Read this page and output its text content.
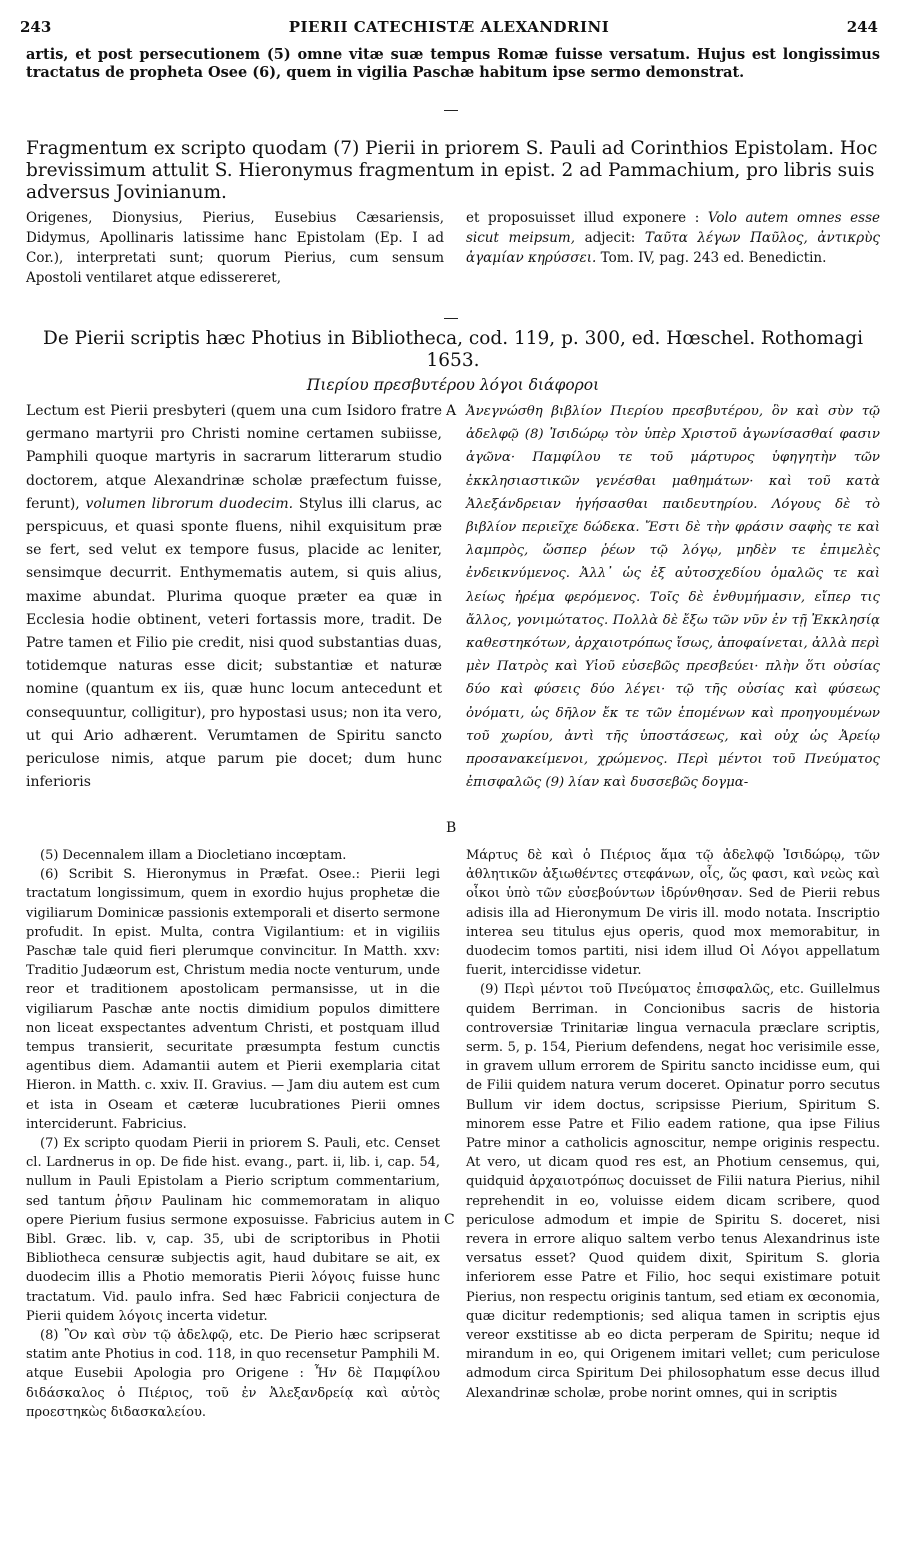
243	PIERII CATECHISTÆ ALEXANDRINI	244
artis, et post persecutionem (5) omne vitæ suæ tempus Romæ fuisse versatum. Hujus est longissimus tractatus de propheta Osee (6), quem in vigilia Paschæ habitum ipse sermo demonstrat.
Fragmentum ex scripto quodam (7) Pierii in priorem S. Pauli ad Corinthios Epistolam. Hoc brevissimum attulit S. Hieronymus fragmentum in epist. 2 ad Pammachium, pro libris suis adversus Jovinianum.
Origenes, Dionysius, Pierius, Eusebius Cæsariensis, Didymus, Apollinaris latissime hanc Epistolam (Ep. I ad Cor.), interpretati sunt; quorum Pierius, cum sensum Apostoli ventilaret atque edissereret,
et proposuisset illud exponere : Volo autem omnes esse sicut meipsum, adjecit: Ταῦτα λέγων Παῦλος, ἀντικρὺς ἀγαμίαν κηρύσσει. Tom. IV, pag. 243 ed. Benedictin.
De Pierii scriptis hæc Photius in Bibliotheca, cod. 119, p. 300, ed. Hœschel. Rothomagi 1653.
Πιερίου πρεσβυτέρου λόγοι διάφοροι
Lectum est Pierii presbyteri (quem una cum Isidoro fratre germano martyrii pro Christi nomine certamen subiisse, Pamphili quoque martyris in sacrarum litterarum studio doctorem, atque Alexandrinæ scholæ præfectum fuisse, ferunt), volumen librorum duodecim. Stylus illi clarus, ac perspicuus, et quasi sponte fluens, nihil exquisitum præ se fert, sed velut ex tempore fusus, placide ac leniter, sensimque decurrit. Enthymematis autem, si quis alius, maxime abundat. Plurima quoque præter ea quæ in Ecclesia hodie obtinent, veteri fortassis more, tradit. De Patre tamen et Filio pie credit, nisi quod substantias duas, totidemque naturas esse dicit; substantiæ et naturæ nomine (quantum ex iis, quæ hunc locum antecedunt et consequuntur, colligitur), pro hypostasi usus; non ita vero, ut qui Ario adhærent. Verumtamen de Spiritu sancto periculose nimis, atque parum pie docet; dum hunc inferioris
A
B
C
Ἀνεγνώσθη βιβλίον Πιερίου πρεσβυτέρου, ὃν καὶ σὺν τῷ ἀδελφῷ (8) Ἰσιδώρῳ τὸν ὑπὲρ Χριστοῦ ἀγωνίσασθαί φασιν ἀγῶνα· Παμφίλου τε τοῦ μάρτυρος ὑφηγητὴν τῶν ἐκκλησιαστικῶν γενέσθαι μαθημάτων· καὶ τοῦ κατὰ Ἀλεξάνδρειαν ἡγήσασθαι παιδευτηρίου. Λόγους δὲ τὸ βιβλίον περιεῖχε δώδεκα. Ἔστι δὲ τὴν φράσιν σαφὴς τε καὶ λαμπρὸς, ὥσπερ ῥέων τῷ λόγῳ, μηδὲν τε ἐπιμελὲς ἐνδεικνύμενος. Ἀλλ᾽ ὡς ἐξ αὐτοσχεδίου ὁμαλῶς τε καὶ λείως ἠρέμα φερόμενος. Τοῖς δὲ ἐνθυμήμασιν, εἴπερ τις ἄλλος, γονιμώτατος. Πολλὰ δὲ ἔξω τῶν νῦν ἐν τῇ Ἐκκλησίᾳ καθεστηκότων, ἀρχαιοτρόπως ἴσως, ἀποφαίνεται, ἀλλὰ περὶ μὲν Πατρὸς καὶ Υἱοῦ εὐσεβῶς πρεσβεύει· πλὴν ὅτι οὐσίας δύο καὶ φύσεις δύο λέγει· τῷ τῆς οὐσίας καὶ φύσεως ὀνόματι, ὡς δῆλον ἔκ τε τῶν ἑπομένων καὶ προηγουμένων τοῦ χωρίου, ἀντὶ τῆς ὑποστάσεως, καὶ οὐχ ὡς Ἀρείῳ προσανακείμενοι, χρώμενος. Περὶ μέντοι τοῦ Πνεύματος ἐπισφαλῶς (9) λίαν καὶ δυσσεβῶς δογμα-

(5) Decennalem illam a Diocletiano incœptam.

(6) Scribit S. Hieronymus in Præfat. Osee.: Pierii legi tractatum longissimum, quem in exordio hujus prophetæ die vigiliarum Dominicæ passionis extemporali et diserto sermone profudit. In epist. Multa, contra Vigilantium: et in vigiliis Paschæ tale quid fieri plerumque convincitur. In Matth. xxv: Traditio Judæorum est, Christum media nocte venturum, unde reor et traditionem apostolicam permansisse, ut in die vigiliarum Paschæ ante noctis dimidium populos dimittere non liceat exspectantes adventum Christi, et postquam illud tempus transierit, securitate præsumpta festum cunctis agentibus diem. Adamantii autem et Pierii exemplaria citat Hieron. in Matth. c. xxiv. II. Gravius. — Jam diu autem est cum et ista in Oseam et cæteræ lucubrationes Pierii omnes interciderunt. Fabricius.

(7) Ex scripto quodam Pierii in priorem S. Pauli, etc. Censet cl. Lardnerus in op. De fide hist. evang., part. ii, lib. i, cap. 54, nullum in Pauli Epistolam a Pierio scriptum commentarium, sed tantum ῥῆσιν Paulinam hic commemoratam in aliquo opere Pierium fusius sermone exposuisse. Fabricius autem in Bibl. Græc. lib. v, cap. 35, ubi de scriptoribus in Photii Bibliotheca censuræ subjectis agit, haud dubitare se ait, ex duodecim illis a Photio memoratis Pierii λόγοις fuisse hunc tractatum. Vid. paulo infra. Sed hæc Fabricii conjectura de Pierii quidem λόγοις incerta videtur.

(8) Ὃν καὶ σὺν τῷ ἀδελφῷ, etc. De Pierio hæc scripserat statim ante Photius in cod. 118, in quo recensetur Pamphili M. atque Eusebii Apologia pro Origene : Ἦν δὲ Παμφίλου διδάσκαλος ὁ Πιέριος, τοῦ ἐν Ἀλεξανδρείᾳ καὶ αὐτὸς προεστηκὼς διδασκαλείου.

Μάρτυς δὲ καὶ ὁ Πιέριος ἅμα τῷ ἀδελφῷ Ἰσιδώρῳ, τῶν ἀθλητικῶν ἀξιωθέντες στεφάνων, οἷς, ὥς φασι, καὶ νεὼς καὶ οἶκοι ὑπὸ τῶν εὐσεβούντων ἱδρύνθησαν. Sed de Pierii rebus adisis illa ad Hieronymum De viris ill. modo notata. Inscriptio interea seu titulus ejus operis, quod mox memorabitur, in duodecim tomos partiti, nisi idem illud Οἱ Λόγοι appellatum fuerit, intercidisse videtur.

(9) Περὶ μέντοι τοῦ Πνεύματος ἐπισφαλῶς, etc. Guillelmus quidem Berriman. in Concionibus sacris de historia controversiæ Trinitariæ lingua vernacula præclare scriptis, serm. 5, p. 154, Pierium defendens, negat hoc verisimile esse, in gravem ullum errorem de Spiritu sancto incidisse eum, qui de Filii quidem natura verum doceret. Opinatur porro secutus Bullum vir idem doctus, scripsisse Pierium, Spiritum S. minorem esse Patre et Filio eadem ratione, qua ipse Filius Patre minor a catholicis agnoscitur, nempe originis respectu. At vero, ut dicam quod res est, an Photium censemus, qui, quidquid ἀρχαιοτρόπως docuisset de Filii natura Pierius, nihil reprehendit in eo, voluisse eidem dicam scribere, quod periculose admodum et impie de Spiritu S. doceret, nisi revera in errore aliquo saltem verbo tenus Alexandrinus iste versatus esset? Quod quidem dixit, Spiritum S. gloria inferiorem esse Patre et Filio, hoc sequi existimare potuit Pierius, non respectu originis tantum, sed etiam ex œconomia, quæ dicitur redemptionis; sed aliqua tamen in scriptis ejus vereor exstitisse ab eo dicta perperam de Spiritu; neque id mirandum in eo, qui Origenem imitari vellet; cum periculose admodum circa Spiritum Dei philosophatum esse decus illud Alexandrinæ scholæ, probe norint omnes, qui in scriptis
